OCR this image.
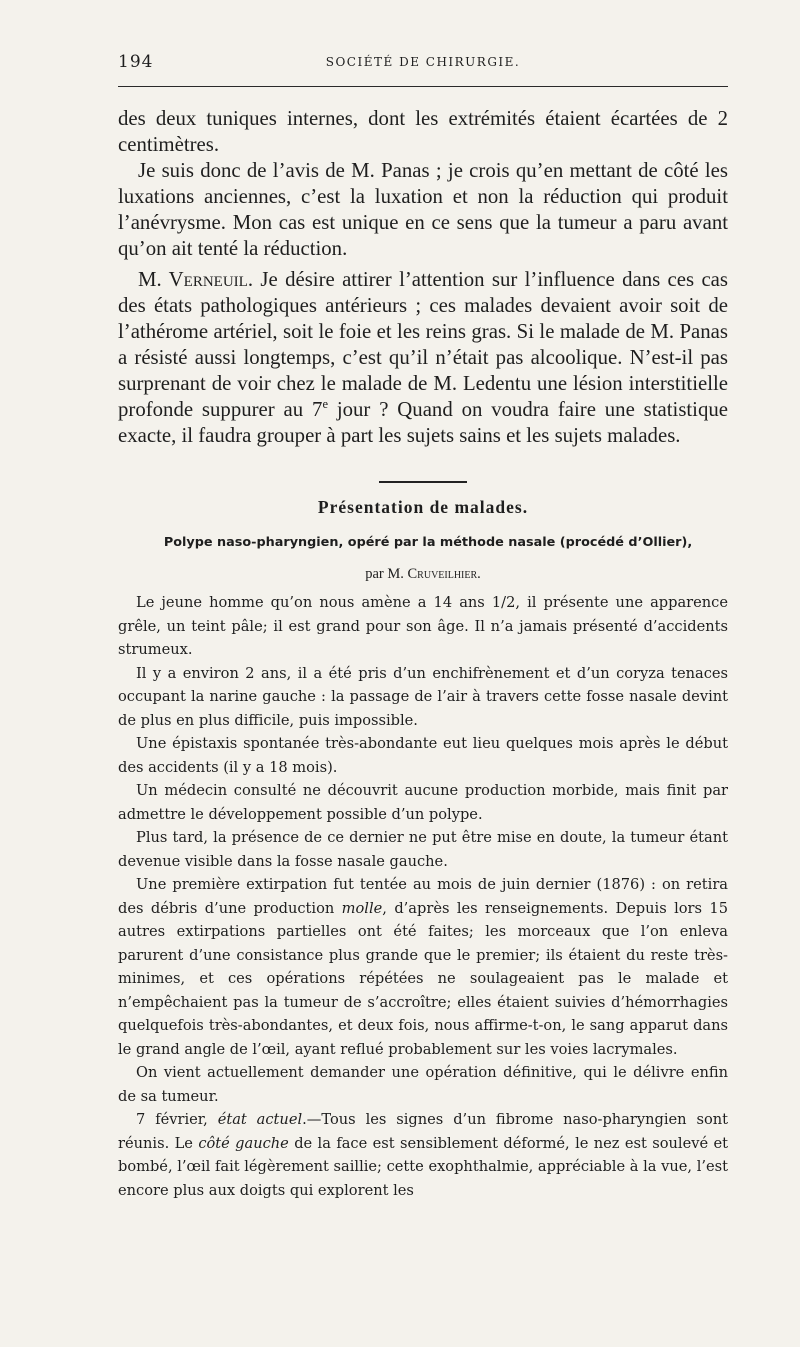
194	SOCIÉTÉ DE CHIRURGIE.

des deux tuniques internes, dont les extrémités étaient écartées de 2 centimètres.

Je suis donc de l’avis de M. Panas ; je crois qu’en mettant de côté les luxations anciennes, c’est la luxation et non la réduction qui produit l’anévrysme. Mon cas est unique en ce sens que la tumeur a paru avant qu’on ait tenté la réduction.

M. Verneuil. Je désire attirer l’attention sur l’influence dans ces cas des états pathologiques antérieurs ; ces malades devaient avoir soit de l’athérome artériel, soit le foie et les reins gras. Si le malade de M. Panas a résisté aussi longtemps, c’est qu’il n’était pas alcoolique. N’est-il pas surprenant de voir chez le malade de M. Ledentu une lésion interstitielle profonde suppurer au 7e jour ? Quand on voudra faire une statistique exacte, il faudra grouper à part les sujets sains et les sujets malades.

Présentation de malades.
Polype naso-pharyngien, opéré par la méthode nasale (procédé d’Ollier),
par M. Cruveilhier.

Le jeune homme qu’on nous amène a 14 ans 1/2, il présente une apparence grêle, un teint pâle; il est grand pour son âge. Il n’a jamais présenté d’accidents strumeux.

Il y a environ 2 ans, il a été pris d’un enchifrènement et d’un coryza tenaces occupant la narine gauche : la passage de l’air à travers cette fosse nasale devint de plus en plus difficile, puis impossible.

Une épistaxis spontanée très-abondante eut lieu quelques mois après le début des accidents (il y a 18 mois).

Un médecin consulté ne découvrit aucune production morbide, mais finit par admettre le développement possible d’un polype.

Plus tard, la présence de ce dernier ne put être mise en doute, la tumeur étant devenue visible dans la fosse nasale gauche.

Une première extirpation fut tentée au mois de juin dernier (1876) : on retira des débris d’une production molle, d’après les renseignements. Depuis lors 15 autres extirpations partielles ont été faites; les morceaux que l’on enleva parurent d’une consistance plus grande que le premier; ils étaient du reste très-minimes, et ces opérations répétées ne soulageaient pas le malade et n’empêchaient pas la tumeur de s’accroître; elles étaient suivies d’hémorrhagies quelquefois très-abondantes, et deux fois, nous affirme-t-on, le sang apparut dans le grand angle de l’œil, ayant reflué probablement sur les voies lacrymales.

On vient actuellement demander une opération définitive, qui le délivre enfin de sa tumeur.

7 février, état actuel.—Tous les signes d’un fibrome naso-pharyngien sont réunis. Le côté gauche de la face est sensiblement déformé, le nez est soulevé et bombé, l’œil fait légèrement saillie; cette exophthalmie, appréciable à la vue, l’est encore plus aux doigts qui explorent les
